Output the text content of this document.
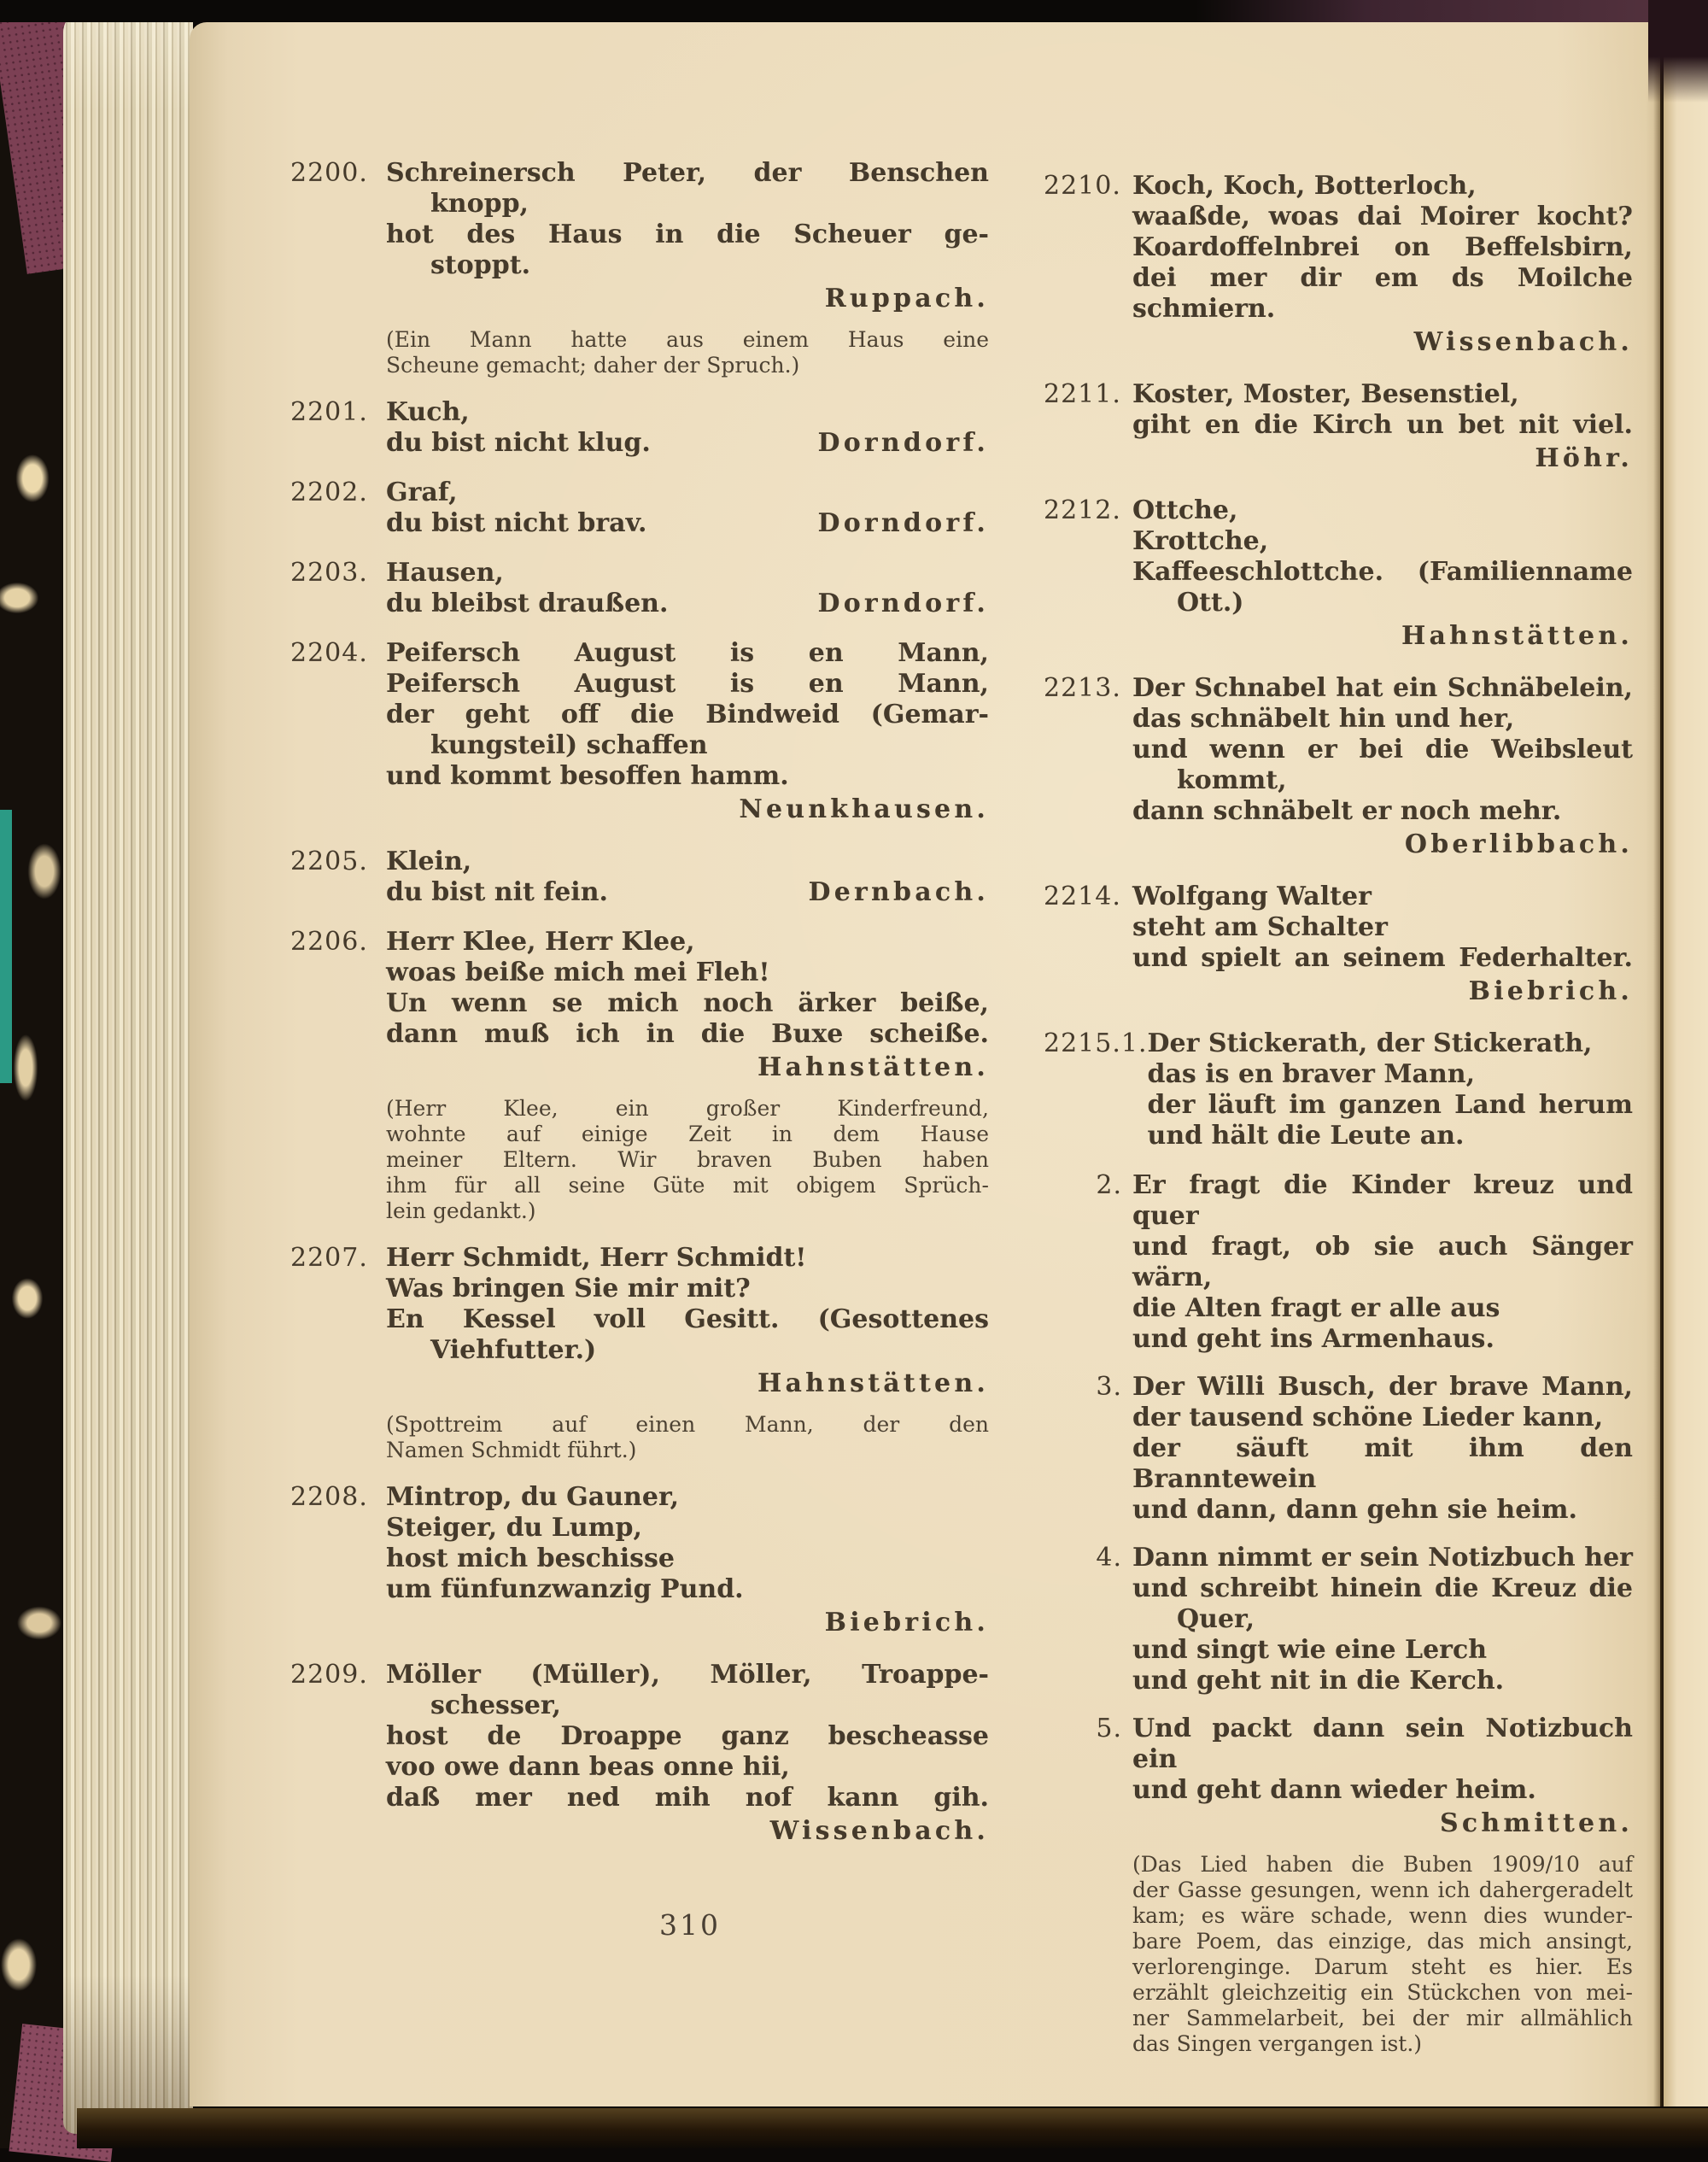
310
2200. Schreinersch Peter, der Benschen
knopp,
hot des Haus in die Scheuer ge-
stoppt.
Ruppach.
(Ein Mann hatte aus einem Haus eine
Scheune gemacht; daher der Spruch.)
2201. Kuch,
du bist nicht klug.	Dorndorf.
2202. Graf,
du bist nicht brav.	Dorndorf.
2203. Hausen,
du bleibst draußen.	Dorndorf.
2204. Peifersch August is en Mann,
Peifersch August is en Mann,
der geht off die Bindweid (Gemar-
kungsteil) schaffen
und kommt besoffen hamm.
Neunkhausen.
2205. Klein,
du bist nit fein.	Dernbach.
2206. Herr Klee, Herr Klee,
woas beiße mich mei Fleh!
Un wenn se mich noch ärker beiße,
dann muß ich in die Buxe scheiße.
Hahnstätten.
(Herr Klee, ein großer Kinderfreund,
wohnte auf einige Zeit in dem Hause
meiner Eltern. Wir braven Buben haben
ihm für all seine Güte mit obigem Sprüch-
lein gedankt.)
2207. Herr Schmidt, Herr Schmidt!
Was bringen Sie mir mit?
En Kessel voll Gesitt. (Gesottenes
Viehfutter.)
Hahnstätten.
(Spottreim auf einen Mann, der den
Namen Schmidt führt.)
2208. Mintrop, du Gauner,
Steiger, du Lump,
host mich beschisse
um fünfunzwanzig Pund.
Biebrich.
2209. Möller (Müller), Möller, Troappe-
schesser,
host de Droappe ganz bescheasse
voo owe dann beas onne hii,
daß mer ned mih nof kann gih.
Wissenbach.
2210. Koch, Koch, Botterloch,
waaßde, woas dai Moirer kocht?
Koardoffelnbrei on Beffelsbirn,
dei mer dir em ds Moilche schmiern.
Wissenbach.
2211. Koster, Moster, Besenstiel,
giht en die Kirch un bet nit viel.
Höhr.
2212. Ottche,
Krottche,
Kaffeeschlottche. (Familienname
Ott.)
Hahnstätten.
2213. Der Schnabel hat ein Schnäbelein,
das schnäbelt hin und her,
und wenn er bei die Weibsleut
kommt,
dann schnäbelt er noch mehr.
Oberlibbach.
2214. Wolfgang Walter
steht am Schalter
und spielt an seinem Federhalter.
Biebrich.
2215.1. Der Stickerath, der Stickerath,
das is en braver Mann,
der läuft im ganzen Land herum
und hält die Leute an.
2. Er fragt die Kinder kreuz und quer
und fragt, ob sie auch Sänger wärn,
die Alten fragt er alle aus
und geht ins Armenhaus.
3. Der Willi Busch, der brave Mann,
der tausend schöne Lieder kann,
der säuft mit ihm den Branntewein
und dann, dann gehn sie heim.
4. Dann nimmt er sein Notizbuch her
und schreibt hinein die Kreuz die
Quer,
und singt wie eine Lerch
und geht nit in die Kerch.
5. Und packt dann sein Notizbuch ein
und geht dann wieder heim.
Schmitten.
(Das Lied haben die Buben 1909/10 auf
der Gasse gesungen, wenn ich dahergeradelt
kam; es wäre schade, wenn dies wunder-
bare Poem, das einzige, das mich ansingt,
verlorenginge. Darum steht es hier. Es
erzählt gleichzeitig ein Stückchen von mei-
ner Sammelarbeit, bei der mir allmählich
das Singen vergangen ist.)
